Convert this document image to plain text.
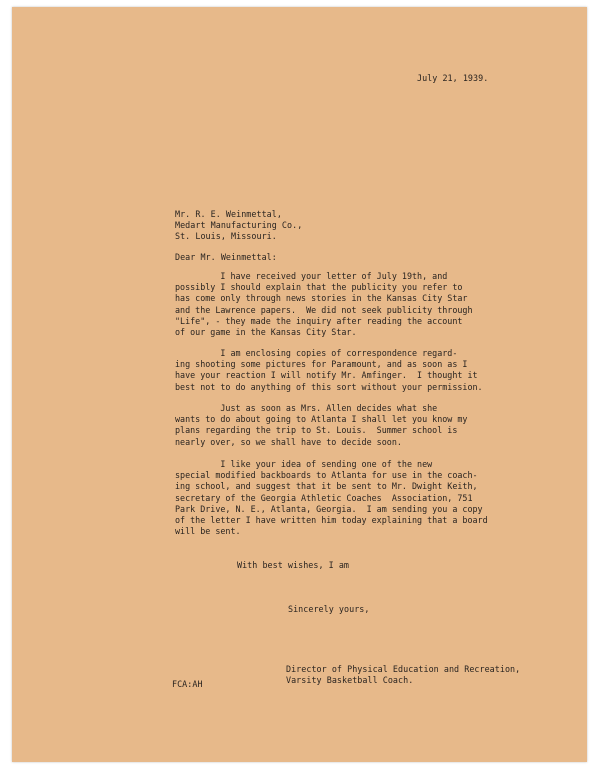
July 21, 1939.
Mr. R. E. Weinmettal,
Medart Manufacturing Co.,
St. Louis, Missouri.
Dear Mr. Weinmettal:
I have received your letter of July 19th, and
possibly I should explain that the publicity you refer to
has come only through news stories in the Kansas City Star
and the Lawrence papers.  We did not seek publicity through
"Life", - they made the inquiry after reading the account
of our game in the Kansas City Star.
I am enclosing copies of correspondence regard-
ing shooting some pictures for Paramount, and as soon as I
have your reaction I will notify Mr. Amfinger.  I thought it
best not to do anything of this sort without your permission.
Just as soon as Mrs. Allen decides what she
wants to do about going to Atlanta I shall let you know my
plans regarding the trip to St. Louis.  Summer school is
nearly over, so we shall have to decide soon.
I like your idea of sending one of the new
special modified backboards to Atlanta for use in the coach-
ing school, and suggest that it be sent to Mr. Dwight Keith,
secretary of the Georgia Athletic Coaches  Association, 751
Park Drive, N. E., Atlanta, Georgia.  I am sending you a copy
of the letter I have written him today explaining that a board
will be sent.
With best wishes, I am
Sincerely yours,
Director of Physical Education and Recreation,
Varsity Basketball Coach.
FCA:AH
